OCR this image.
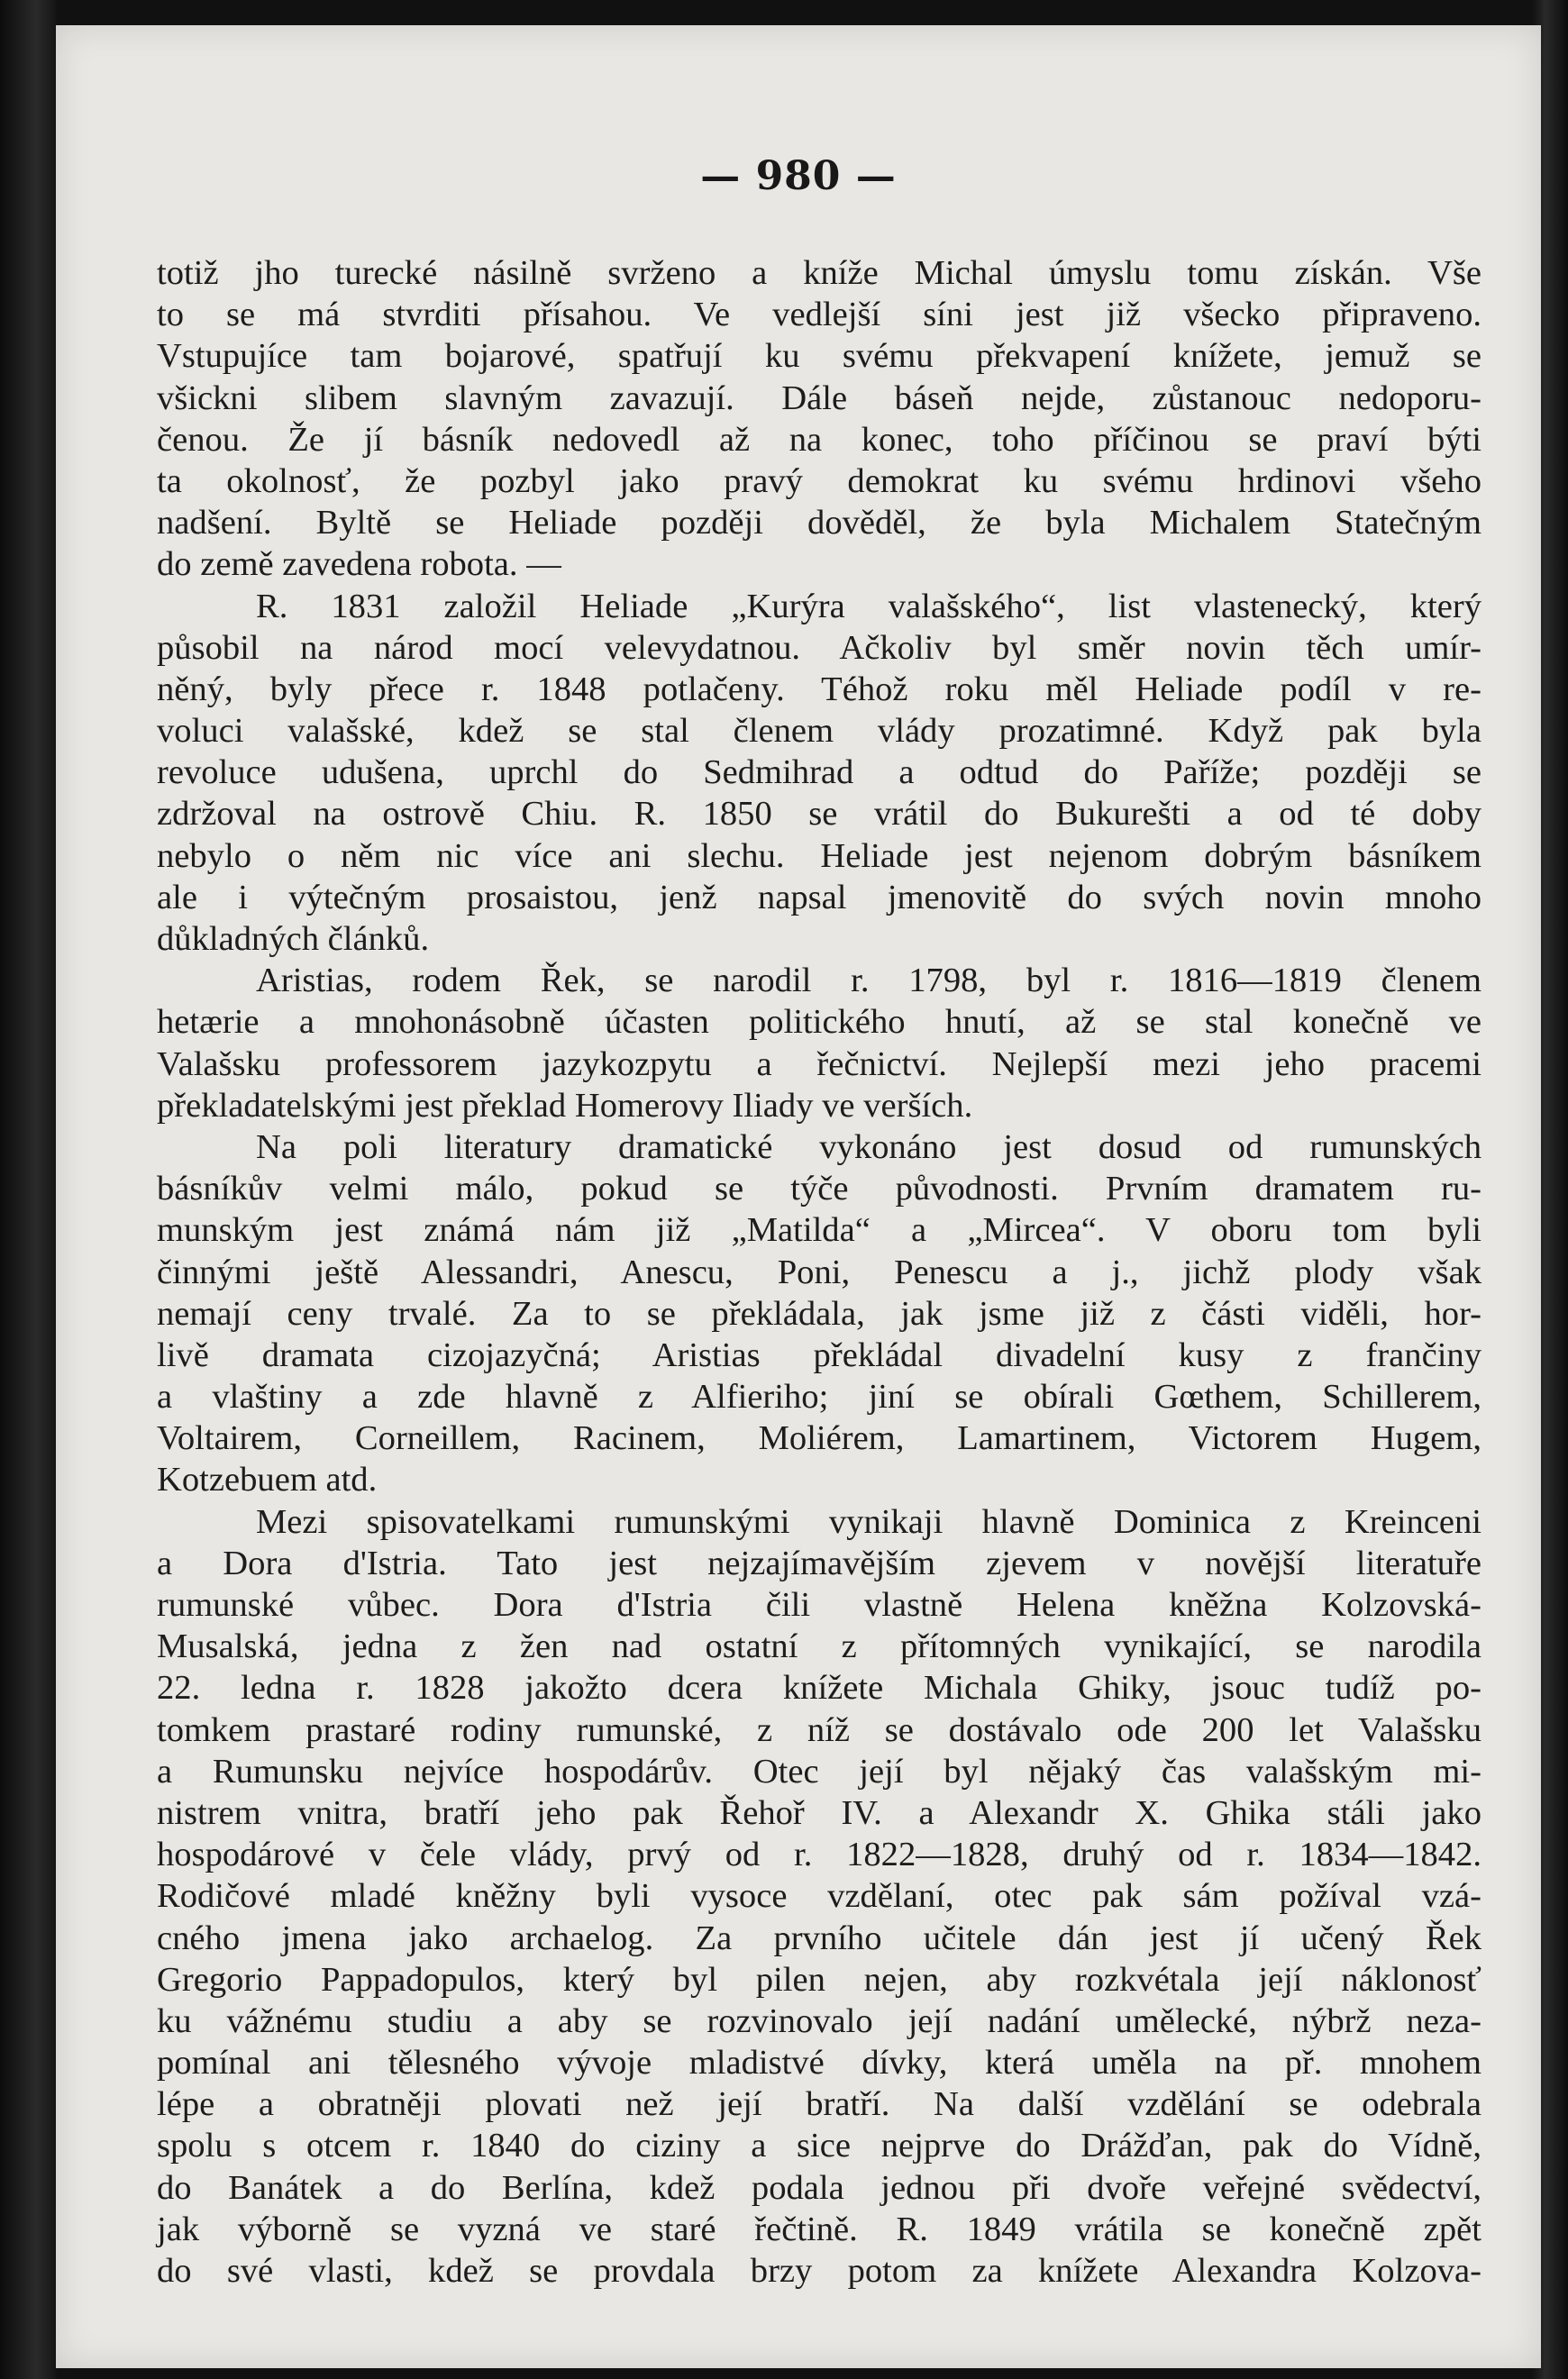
— 980 —
totiž jho turecké násilně svrženo a kníže Michal úmyslu tomu získán. Vše
to se má stvrditi přísahou. Ve vedlejší síni jest již všecko připraveno.
Vstupujíce tam bojarové, spatřují ku svému překvapení knížete, jemuž se
všickni slibem slavným zavazují. Dále báseň nejde, zůstanouc nedoporu-
čenou. Že jí básník nedovedl až na konec, toho příčinou se praví býti
ta okolnosť, že pozbyl jako pravý demokrat ku svému hrdinovi všeho
nadšení. Byltě se Heliade později dověděl, že byla Michalem Statečným
do země zavedena robota. —
R. 1831 založil Heliade „Kurýra valašského“, list vlastenecký, který
působil na národ mocí velevydatnou. Ačkoliv byl směr novin těch umír-
něný, byly přece r. 1848 potlačeny. Téhož roku měl Heliade podíl v re-
voluci valašské, kdež se stal členem vlády prozatimné. Když pak byla
revoluce udušena, uprchl do Sedmihrad a odtud do Paříže; později se
zdržoval na ostrově Chiu. R. 1850 se vrátil do Bukurešti a od té doby
nebylo o něm nic více ani slechu. Heliade jest nejenom dobrým básníkem
ale i výtečným prosaistou, jenž napsal jmenovitě do svých novin mnoho
důkladných článků.
Aristias, rodem Řek, se narodil r. 1798, byl r. 1816—1819 členem
hetærie a mnohonásobně účasten politického hnutí, až se stal konečně ve
Valašsku professorem jazykozpytu a řečnictví. Nejlepší mezi jeho pracemi
překladatelskými jest překlad Homerovy Iliady ve verších.
Na poli literatury dramatické vykonáno jest dosud od rumunských
básníkův velmi málo, pokud se týče původnosti. Prvním dramatem ru-
munským jest známá nám již „Matilda“ a „Mircea“. V oboru tom byli
činnými ještě Alessandri, Anescu, Poni, Penescu a j., jichž plody však
nemají ceny trvalé. Za to se překládala, jak jsme již z části viděli, hor-
livě dramata cizojazyčná; Aristias překládal divadelní kusy z frančiny
a vlaštiny a zde hlavně z Alfieriho; jiní se obírali Gœthem, Schillerem,
Voltairem, Corneillem, Racinem, Moliérem, Lamartinem, Victorem Hugem,
Kotzebuem atd.
Mezi spisovatelkami rumunskými vynikaji hlavně Dominica z Kreinceni
a Dora d'Istria. Tato jest nejzajímavějším zjevem v novější literatuře
rumunské vůbec. Dora d'Istria čili vlastně Helena kněžna Kolzovská-
Musalská, jedna z žen nad ostatní z přítomných vynikající, se narodila
22. ledna r. 1828 jakožto dcera knížete Michala Ghiky, jsouc tudíž po-
tomkem prastaré rodiny rumunské, z níž se dostávalo ode 200 let Valašsku
a Rumunsku nejvíce hospodárův. Otec její byl nějaký čas valašským mi-
nistrem vnitra, bratří jeho pak Řehoř IV. a Alexandr X. Ghika stáli jako
hospodárové v čele vlády, prvý od r. 1822—1828, druhý od r. 1834—1842.
Rodičové mladé kněžny byli vysoce vzdělaní, otec pak sám požíval vzá-
cného jmena jako archaelog. Za prvního učitele dán jest jí učený Řek
Gregorio Pappadopulos, který byl pilen nejen, aby rozkvétala její náklonosť
ku vážnému studiu a aby se rozvinovalo její nadání umělecké, nýbrž neza-
pomínal ani tělesného vývoje mladistvé dívky, která uměla na př. mnohem
lépe a obratněji plovati než její bratří. Na další vzdělání se odebrala
spolu s otcem r. 1840 do ciziny a sice nejprve do Drážďan, pak do Vídně,
do Banátek a do Berlína, kdež podala jednou při dvoře veřejné svědectví,
jak výborně se vyzná ve staré řečtině. R. 1849 vrátila se konečně zpět
do své vlasti, kdež se provdala brzy potom za knížete Alexandra Kolzova-
